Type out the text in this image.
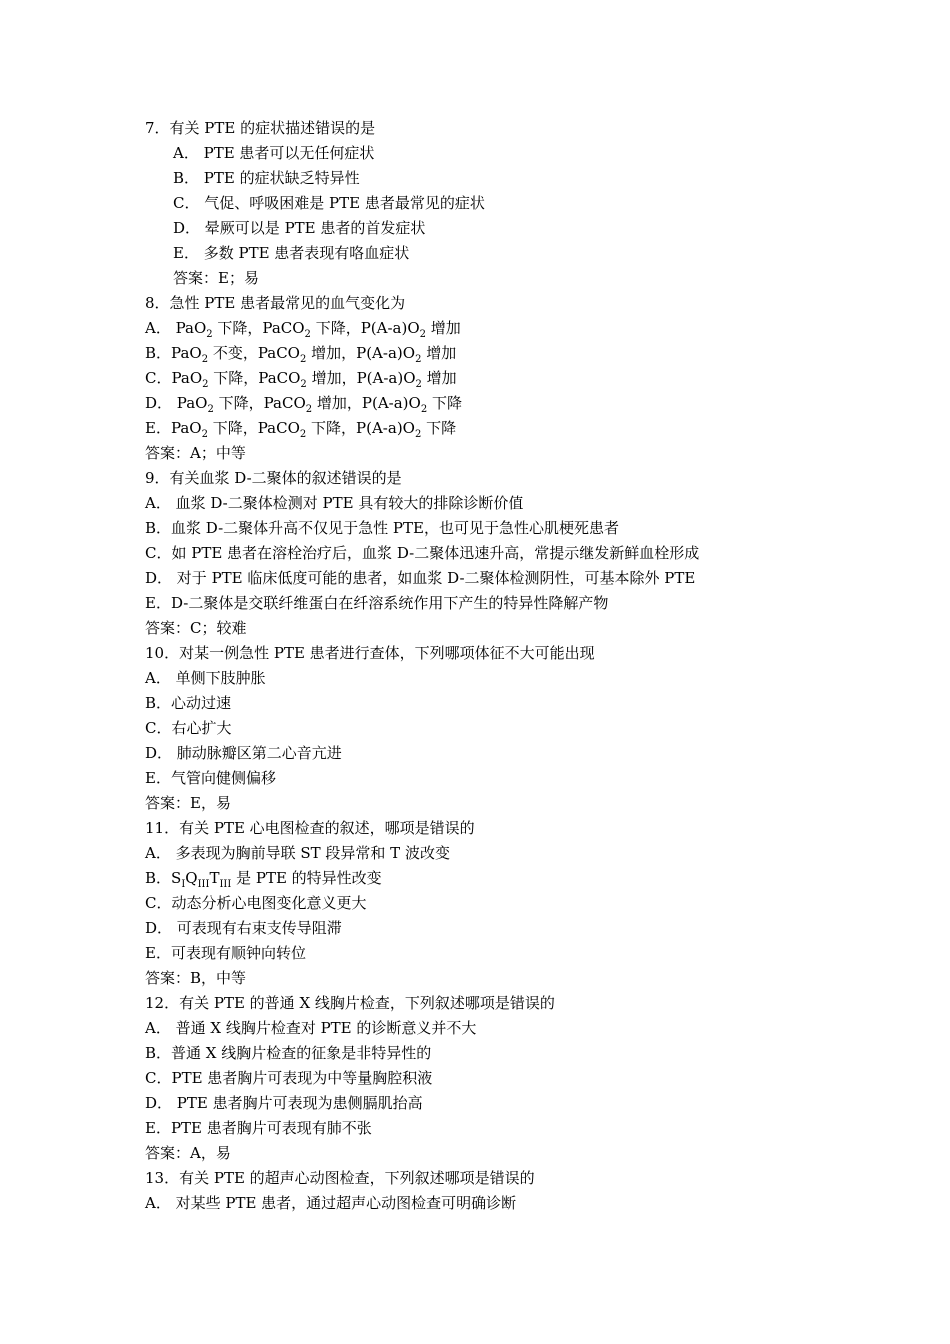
7．有关 PTE 的症状描述错误的是
A． PTE 患者可以无任何症状
B． PTE 的症状缺乏特异性
C． 气促、呼吸困难是 PTE 患者最常见的症状
D． 晕厥可以是 PTE 患者的首发症状
E． 多数 PTE 患者表现有咯血症状
答案：E；易
8．急性 PTE 患者最常见的血气变化为
A． PaO$_2$ 下降，PaCO$_2$ 下降，$P(A-a)O_2$ 增加
B．PaO$_2$ 不变，PaCO$_2$ 增加，$P(A-a)O_2$ 增加
C．PaO$_2$ 下降，PaCO$_2$ 增加，$P(A-a)O_2$ 增加
D． PaO$_2$ 下降，PaCO$_2$ 增加，$P(A-a)O_2$ 下降
E．PaO$_2$ 下降，PaCO$_2$ 下降，$P(A-a)O_2$ 下降
答案：A；中等
9．有关血浆 D-二聚体的叙述错误的是
A． 血浆 D-二聚体检测对 PTE 具有较大的排除诊断价值
B．血浆 D-二聚体升高不仅见于急性 PTE，也可见于急性心肌梗死患者
C．如 PTE 患者在溶栓治疗后，血浆 D-二聚体迅速升高，常提示继发新鲜血栓形成
D． 对于 PTE 临床低度可能的患者，如血浆 D-二聚体检测阴性，可基本除外 PTE
E．D-二聚体是交联纤维蛋白在纤溶系统作用下产生的特异性降解产物
答案：C；较难
10．对某一例急性 PTE 患者进行查体，下列哪项体征不大可能出现
A． 单侧下肢肿胀
B．心动过速
C．右心扩大
D． 肺动脉瓣区第二心音亢进
E．气管向健侧偏移
答案：E，易
11．有关 PTE 心电图检查的叙述，哪项是错误的
A． 多表现为胸前导联 ST 段异常和 T 波改变
B．$S_IQ_{III}T_{III}$ 是 PTE 的特异性改变
C．动态分析心电图变化意义更大
D． 可表现有右束支传导阻滞
E．可表现有顺钟向转位
答案：B，中等
12．有关 PTE 的普通 X 线胸片检查，下列叙述哪项是错误的
A． 普通 X 线胸片检查对 PTE 的诊断意义并不大
B．普通 X 线胸片检查的征象是非特异性的
C．PTE 患者胸片可表现为中等量胸腔积液
D． PTE 患者胸片可表现为患侧膈肌抬高
E．PTE 患者胸片可表现有肺不张
答案：A，易
13．有关 PTE 的超声心动图检查，下列叙述哪项是错误的
A． 对某些 PTE 患者，通过超声心动图检查可明确诊断
